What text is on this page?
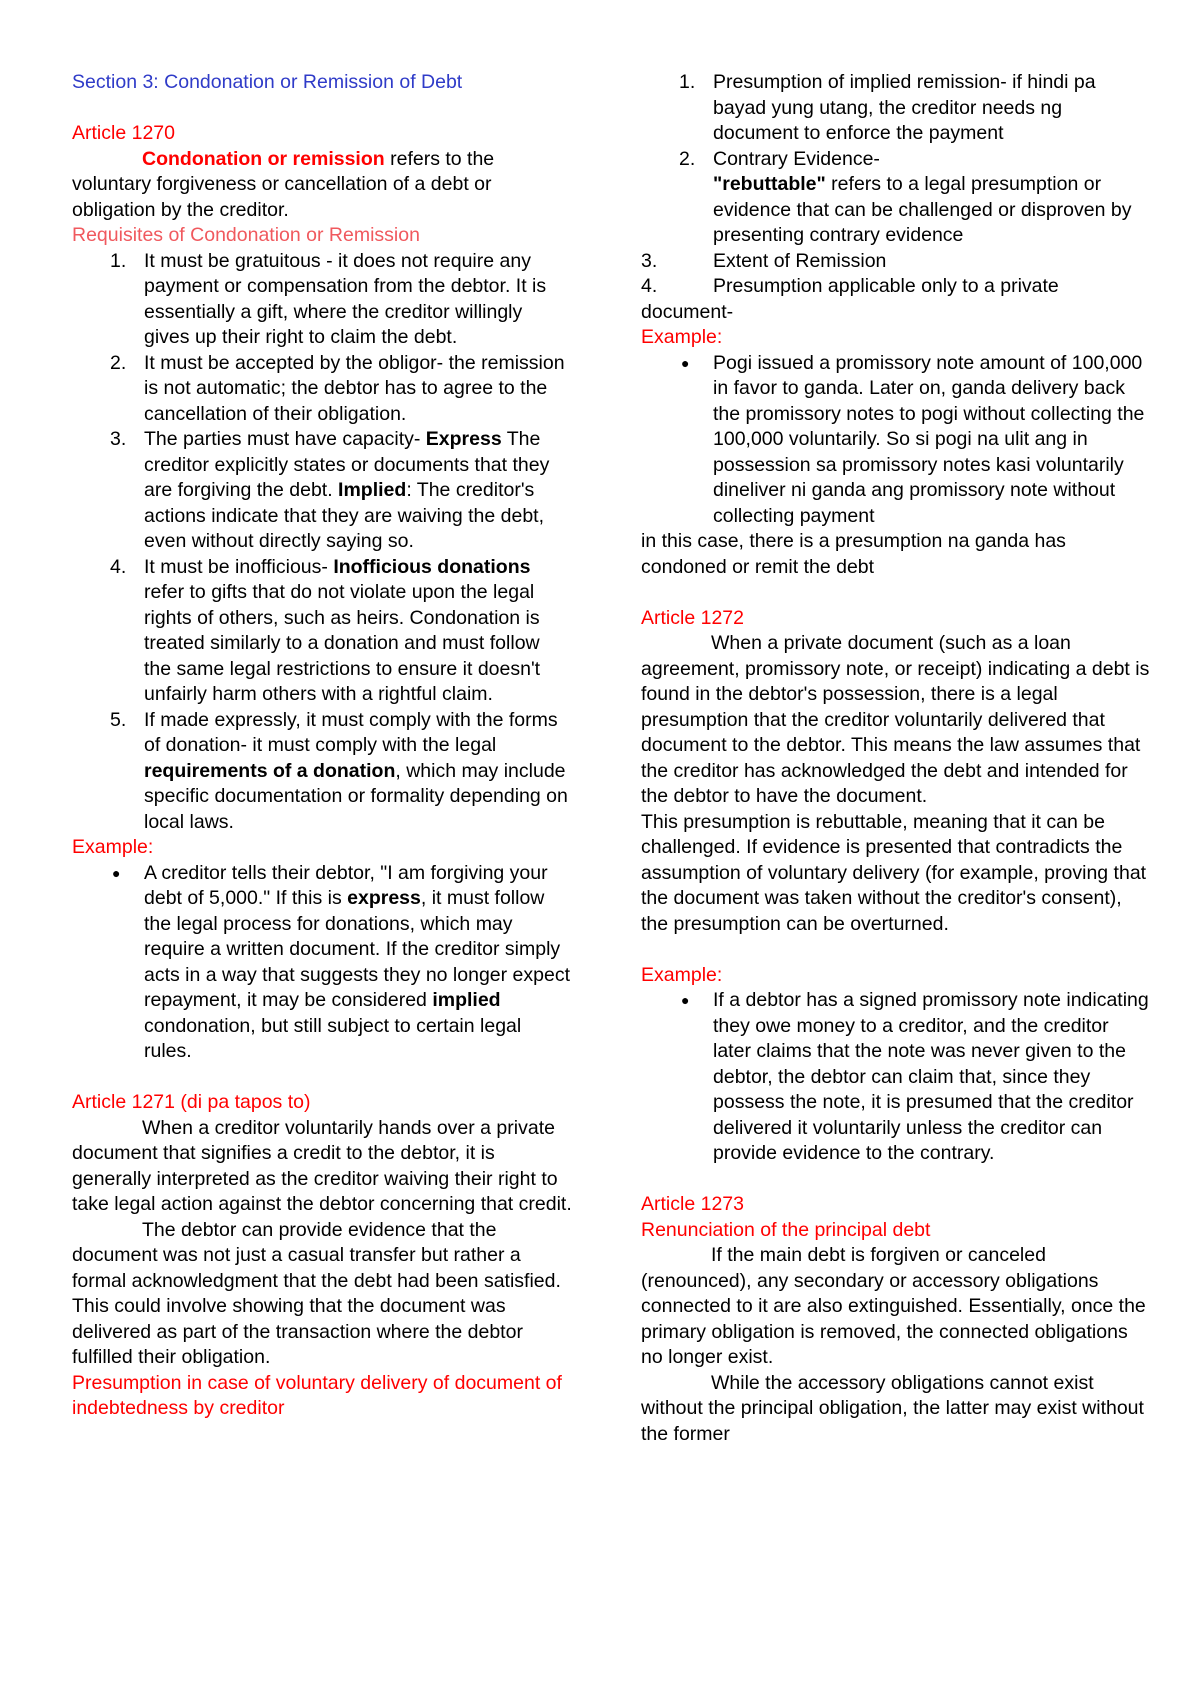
Section 3: Condonation or Remission of Debt

Article 1270

Condonation or remission refers to the voluntary forgiveness or cancellation of a debt or obligation by the creditor.

Requisites of Condonation or Remission

1. It must be gratuitous - it does not require any payment or compensation from the debtor. It is essentially a gift, where the creditor willingly gives up their right to claim the debt.
2. It must be accepted by the obligor- the remission is not automatic; the debtor has to agree to the cancellation of their obligation.
3. The parties must have capacity- Express The creditor explicitly states or documents that they are forgiving the debt. Implied: The creditor's actions indicate that they are waiving the debt, even without directly saying so.
4. It must be inofficious- Inofficious donations refer to gifts that do not violate upon the legal rights of others, such as heirs. Condonation is treated similarly to a donation and must follow the same legal restrictions to ensure it doesn't unfairly harm others with a rightful claim.
5. If made expressly, it must comply with the forms of donation- it must comply with the legal requirements of a donation, which may include specific documentation or formality depending on local laws.

Example:

● A creditor tells their debtor, "I am forgiving your debt of 5,000." If this is express, it must follow the legal process for donations, which may require a written document. If the creditor simply acts in a way that suggests they no longer expect repayment, it may be considered implied condonation, but still subject to certain legal rules.

Article 1271 (di pa tapos to)

When a creditor voluntarily hands over a private document that signifies a credit to the debtor, it is generally interpreted as the creditor waiving their right to take legal action against the debtor concerning that credit.

The debtor can provide evidence that the document was not just a casual transfer but rather a formal acknowledgment that the debt had been satisfied. This could involve showing that the document was delivered as part of the transaction where the debtor fulfilled their obligation.

Presumption in case of voluntary delivery of document of indebtedness by creditor

1. Presumption of implied remission- if hindi pa bayad yung utang, the creditor needs ng document to enforce the payment
2. Contrary Evidence-
"rebuttable" refers to a legal presumption or evidence that can be challenged or disproven by presenting contrary evidence

3.	Extent of Remission

4.	Presumption applicable only to a private document-

Example:

● Pogi issued a promissory note amount of 100,000 in favor to ganda. Later on, ganda delivery back the promissory notes to pogi without collecting the 100,000 voluntarily. So si pogi na ulit ang in possession sa promissory notes kasi voluntarily dineliver ni ganda ang promissory note without collecting payment

in this case, there is a presumption na ganda has condoned or remit the debt

Article 1272

When a private document (such as a loan agreement, promissory note, or receipt) indicating a debt is found in the debtor's possession, there is a legal presumption that the creditor voluntarily delivered that document to the debtor. This means the law assumes that the creditor has acknowledged the debt and intended for the debtor to have the document.

This presumption is rebuttable, meaning that it can be challenged. If evidence is presented that contradicts the assumption of voluntary delivery (for example, proving that the document was taken without the creditor's consent), the presumption can be overturned.

Example:

● If a debtor has a signed promissory note indicating they owe money to a creditor, and the creditor later claims that the note was never given to the debtor, the debtor can claim that, since they possess the note, it is presumed that the creditor delivered it voluntarily unless the creditor can provide evidence to the contrary.

Article 1273

Renunciation of the principal debt

If the main debt is forgiven or canceled (renounced), any secondary or accessory obligations connected to it are also extinguished. Essentially, once the primary obligation is removed, the connected obligations no longer exist.

While the accessory obligations cannot exist without the principal obligation, the latter may exist without the former
